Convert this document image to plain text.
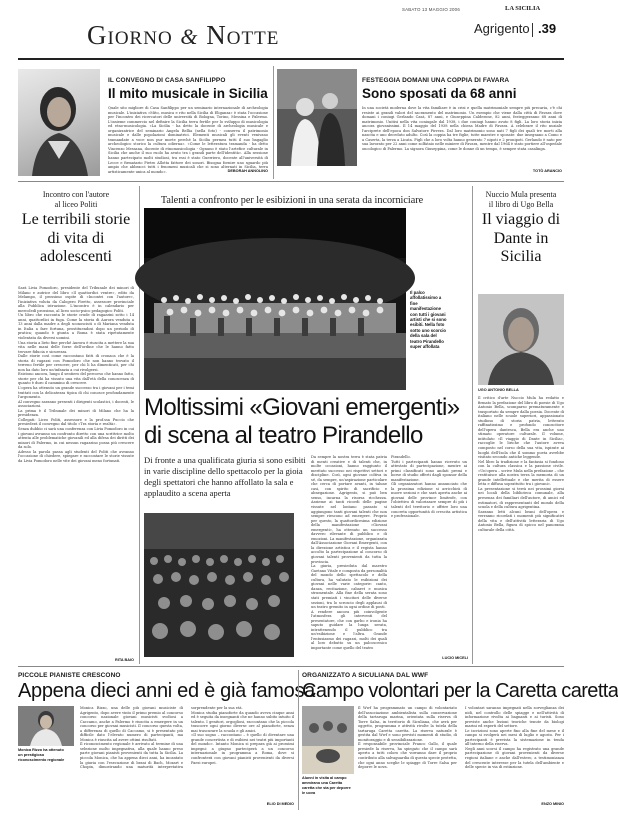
SABATO 13 MAGGIO 2006	LA SICILIA
Agrigento .39
Giorno & Notte
IL CONVEGNO DI CASA SANFILIPPO
Il mito musicale in Sicilia
Quale sito migliore di Casa Sanfilippo per un seminario internazionale di archeologia musicale. L'iniziativa «Mito, musica e rito nella Sicilia di Eliganza» è stata l'occasione per l'incontro dei ricercatori delle università di Bologna, Torino, Messina e Palermo. L'insieme commercio nel definire la Sicilia terra fertile per lo sviluppo di musicologia ed etno-musicologia. «La Sicilia - ha detto la docente di archeologia musicale e organizzatrice del seminario Angela Bellia (nella foto) - conserva il patrimonio musicale e dalle popolazioni dominatrici. Elementi musicali gli eventi venivano tramandate a voce non pur morte perché la Sicilia permea tutti il suo bagaglio archeologico storico la cultura odierna». «Come le letteratura tramanda - ha detto Vincenzo Messana, docente di etnomusicologia - Ognuno è stato l'artefice culturale in Sicilia che anche il suo ruolo ha avuto tra i grandi parte dell'identità». Alla sessione hanno partecipato molti studiosi, tra essi è stato Guerriero, docente all'università di Lecce e firmatario Pietro Allotta fattore dei sonori. Bisogna fornire uno sguardo più ampio che abbracci tutti i fenomeni musicali che si sono alternati in Sicilia, terra artisticamente unica al mondo».	DEBORAH ANNOLINO
FESTEGGIA DOMANI UNA COPPIA DI FAVARA
Sono sposati da 68 anni
In una società moderna dove la vita familiare è in crisi e quella matrimoniale sempre più precaria, c'è chi resiste ai grandi valori del sacramento del matrimonio. Un esempio che viene dalla città di Favara dove domani i coniugi Gerlando Casà, 87 anni, e Giuseppina Calderone, 82 anni, festeggeranno 68 anni di matrimonio. Unitisi nella vita coniugale dal 1938, i due coniugi hanno avuto 8 figli. La loro storia inizia ancora giovanissimi. Il 14 maggio del 1938 nella chiesa Madre di Favara. A celebrare il rito nuziale l'arciprete dell'epoca don Salvatore Pirrera. Dal loro matrimonio sono nati 7 figli dei quali tre morti alla nascita e uno deceduto adulto. Così la coppia ha tre figlie, tutte maestre e sposate: due insegnano a Como e a Caserta, la terza a Licata. Figli che a loro volta hanno generato 7 nipoti e 2 pronipoti. Gerlando è nato per sua lavorato per 22 anni come zolfataio nelle miniere di Favara, mentre dal 1964 è stato portiere all'ospedale oncologico di Palermo. La signora Giuseppina, come le donne di un tempo, è sempre stata casalinga.
TOTÒ ARANCIO
Incontro con l'autore
al liceo Politi
Le terribili storie di vita di adolescenti
Sarà Livia Pomodoro, presidente del Tribunale dei minori di Milano e autrice del libro «Il quattordici ventre», edito da Melampo, il prossimo ospite di «Incontri con l'autore», l'iniziativa voluta da Calogero Firetto, assessore provinciale alla Pubblica istruzione. L'incontro è in calendario per mercoledì prossimo, al liceo socio-psico pedagogico Politi.
Un libro che racconta le storie crude di ragazzini sotto i 14 anni, quattordici in fuga. Come la storia di Aurora venduta a 13 anni dalla madre a degli sconosciuti o di Mariana venduta in Italia a fare fortuna, prostituendosi dopo un periodo di pratica; quando è giunta a Roma è stata ripetutamente violentata da diversi uomini.
Una storia a lieto fine perché Aurora è riuscita a mettere la sua vita nelle mani delle forze dell'ordine che le hanno fatto trovare fiducia e sicurezza.
Dalle storie così come raccontano fatti di cronaca che è la storia di ragazzi con Pomodoro che non hanno trovato il terreno fertile per crescere, per chi li ha dimenticati, per chi non ha dato loro un'infanzia a cui rivolgersi.
Esistono ancora, lungo il sentiero del percorso che hanno fatto, storie per chi ha vissuto una vita dall'età della conoscenza di quanto è duro il cammino di crescere.
L'opera ha ottenuto un grande successo tra i giovani per i temi trattati con la delicatezza tipica di chi conosce profondamente l'argomento.
Al convegno saranno presenti i dirigenti scolastici, i docenti, le associazioni.
La prima è il Tribunale dei minori di Milano che ha la presidenza.
Collegati: Liceo Politi, assessore e la prof.ssa Puccio che presiederà il convegno dal titolo «Tra storia e realtà».
Senza dubbio ci sarà una conferenza con Livia Pomodoro in cui i giovani avranno un confronto diretto con una scrittrice molto attenta alle problematiche giovanili ed alla difesa dei diritti dei minori di Palermo, in cui nessun ragazzino possa più crescere da solo.
Adesso la parola passa agli studenti del Politi che avranno l'occasione di chiedere, spiegare e raccontare le storie vissute da Livia Pomodoro nelle vite dei giovani meno fortunati.
RITA BAIO
Talenti a confronto per le esibizioni in una serata da incorniciare
Il palco affollatissimo a fine manifestazione con tutti i giovani artisti che si sono esibiti. Nella foto sotto uno scorcio della sala del teatro Pirandello super affollata
Moltissimi «Giovani emergenti»
di scena al teatro Pirandello
Di fronte a una qualificata giuria si sono esibiti in varie discipline dello spettacolo per la gioia degli spettatori che hanno affollato la sala e applaudito a scena aperta
Da sempre la nostra terra è stata patria di menti creative e di talenti che, in molte occasioni, hanno raggiunto il meritato successo nei rispettivi settori e discipline. Così, ogni giovane coltiva in sé, da sempre, un'aspirazione particolare che cerca di portare avanti, in talune casi, con spirito di sacrificio e abnegazione. Agrigento, si può ben senso, incarna la risorsa ricchezza. Assieme ai tanti ricordi delle pagine vissute nel lontano passato si aggiungono tanti giovani talenti che non sempre riescono ad emergere. Proprio per questo, la quattordicesima edizione della manifestazione «Giovani emergenti», ha ottenuto un successo davvero rilevante di pubblico e di emozioni. La manifestazione, organizzata dall'Associazione Giovani Emergenti, con la direzione artistica e il regista hanno accolto la partecipazione al concorso di giovani talenti provenienti da tutta la provincia.
La giuria, presieduta dal maestro Gaetano Vitale e composta da personalità del mondo dello spettacolo e della cultura, ha valutato le esibizioni dei giovani nelle varie categorie: canto, danza, recitazione, cabaret e musica strumentale. Alla fine della serata sono stati premiati i vincitori delle diverse sezioni, tra lo scroscio degli applausi di un teatro gremito in ogni ordine di posti.
A rendere ancora più coinvolgente l'atmosfera gli interventi del presentatore, che con garbo e ironia ha saputo guidare la lunga serata, intrattenendo il pubblico tra un'esibizione e l'altra. Grande l'entusiasmo dei ragazzi, molti dei quali al loro debutto su un palcoscenico importante come quello del teatro
Pirandello.
Tutti i partecipanti hanno ricevuto un attestato di partecipazione, mentre ai primi classificati sono andati premi e borse di studio offerti dagli sponsor della manifestazione.
Gli organizzatori hanno annunciato che la prossima edizione si arricchirà di nuove sezioni e che sarà aperta anche ai giovani delle province limitrofe, con l'obiettivo di valorizzare sempre di più i talenti del territorio e offrire loro una concreta opportunità di crescita artistica e professionale.
LUCIO MICELI
Nuccio Mula presenta
il libro di Ugo Bella
Il viaggio di Dante in Sicilia
UGO ANTONIO BELLA
Il critico d'arte Nuccio Mula ha redatto e firmato la prefazione del libro di poesie di Ugo Antonio Bella, scomparso prematuramente e trasportato da sempre dalla poesia. Docente di italiano nelle scuole superiori, appassionato studioso di storia patria, letterato raffinatissimo e profondo conoscitore dell'opera dantesca, Bella era anche uno stimato operatore culturale. Il volume, intitolato «Il viaggio di Dante in Sicilia», raccoglie le liriche che l'autore aveva composto nel corso della sua vita, ispirate ai luoghi dell'Isola che il sommo poeta avrebbe visitato secondo antiche leggende.
Nel libro la tradizione e la fantasia si fondono con la cultura classica e la passione civile. «Un'opera – scrive Mula nella prefazione – che restituisce alla nostra terra la memoria di un grande intellettuale e che merita di essere letta e diffusa soprattutto tra i giovani».
La presentazione si terrà nei prossimi giorni nei locali della biblioteca comunale, alla presenza dei familiari dell'autore, di amici ed estimatori, di rappresentanti del mondo della scuola e della cultura agrigentina.
Saranno letti alcuni brani dell'opera e verranno ricordati i momenti più significativi della vita e dell'attività letteraria di Ugo Antonio Bella, figura di spicco nel panorama culturale della città.
PICCOLE PIANISTE CRESCONO
Appena dieci anni ed è già famosa
Monica Rizzo ha ottenuto un prestigioso riconoscimento regionale
Monica Rizzo, una delle più giovani musiciste di Agrigento, dopo avere vinto il primo premio al concorso concorso nazionale giovani musicisti svoltosi a Caccamo, anche a Palermo è riuscita a emergere in un concorso per giovani musicisti. Il concorso questa volta, a differenza di quello di Caccamo, si è presentato più difficile dato l'elevato numero di partecipanti, ma Monica è riuscita ad avere ottimi risultati.
Il riconoscimento regionale è arrivato al termine di una selezione molto impegnativa, alla quale hanno preso parte giovani pianisti provenienti da tutta la Sicilia. La piccola Monica, che ha appena dieci anni, ha incantato la giuria con l'esecuzione di brani di Bach, Mozart e Chopin, dimostrando una maturità interpretativa sorprendente per la sua età.
Monica studia pianoforte da quando aveva cinque anni ed è seguita da insegnanti che ne hanno subito intuito il talento. I genitori, orgogliosi, raccontano che la piccola trascorre ogni giorno diverse ore al pianoforte, senza mai trascurare la scuola e gli amici.
«Il suo sogno – raccontano – è quello di diventare una grande concertista e di esibirsi nei teatri più importanti del mondo». Intanto Monica si prepara già ai prossimi impegni: a giugno parteciperà a un concorso internazionale in programma a Roma, dove si confronterà con giovani pianisti provenienti da diversi Paesi europei.
ELIO DI MEDIO
ORGANIZZATO A SICULIANA DAL WWF
Campo volontari per la Caretta caretta
Alunni in visita al campo ammirano una Caretta caretta che sta per deporre le uova
Il Wwf ha programmato un campo di volontariato dell'associazione ambientalista sulla conservazione della tartaruga marina, orientata sulla riserva di Torre Salsa, in territorio di Siculiana, che avrà per oggetto, programma e attività rivolte la tutela della tartaruga Caretta caretta. La riserva naturale è gestita dal Wwf e sono previsti momenti di studio, di monitoraggio e di sensibilizzazione.
Il responsabile provinciale Franco Gallo, il quale presiede la riserva, ha spiegato che il campo sarà aperto a tutti coloro che vorranno dare il proprio contributo alla salvaguardia di questa specie protetta, che ogni anno sceglie le spiagge di Torre Salsa per deporre le uova.
I volontari saranno impegnati nella sorveglianza dei nidi, nel controllo delle spiagge e nell'attività di informazione rivolta ai bagnanti e ai turisti. Sono previste anche lezioni teoriche tenute da biologi marini ed esperti del settore.
Le iscrizioni sono aperte fino alla fine del mese e il campo si svolgerà nei mesi di luglio e agosto. Per i partecipanti è prevista la sistemazione in tenda all'interno della riserva.
Negli anni scorsi il campo ha registrato una grande partecipazione di giovani provenienti da diverse regioni italiane e anche dall'estero, a testimonianza del crescente interesse per la tutela dell'ambiente e delle specie in via di estinzione.
ENZO MINIO
